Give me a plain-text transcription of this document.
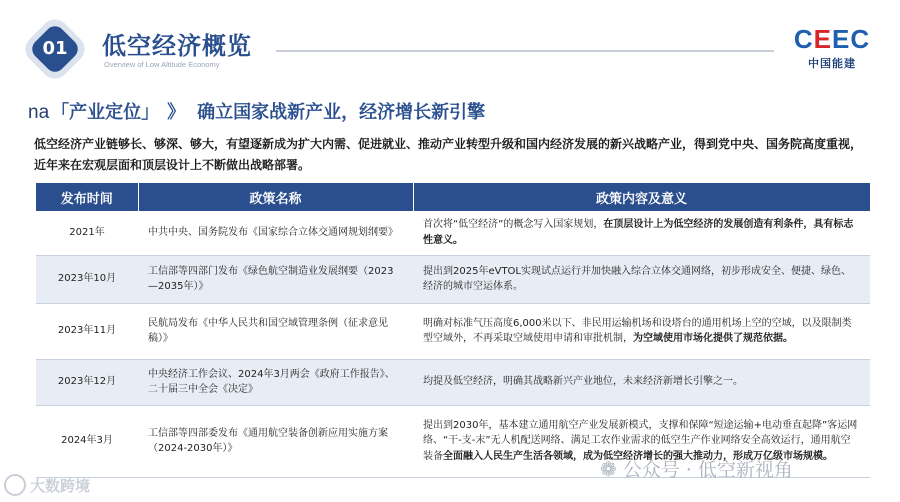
01	低空经济概览
Overview of Low Altitude Economy
CEEC
中国能建
na 「产业定位」 》 确立国家战新产业，经济增长新引擎
低空经济产业链够长、够深、够大，有望逐新成为扩大内需、促进就业、推动产业转型升级和国内经济发展的新兴战略产业，得到党中央、国务院高度重视，近年来在宏观层面和顶层设计上不断做出战略部署。
发布时间	政策名称	政策内容及意义
2021年	中共中央、国务院发布《国家综合立体交通网规划纲要》	首次将“低空经济”的概念写入国家规划，在顶层设计上为低空经济的发展创造有利条件，具有标志性意义。
2023年10月	工信部等四部门发布《绿色航空制造业发展纲要（2023—2035年）》	提出到2025年eVTOL实现试点运行并加快融入综合立体交通网络，初步形成安全、便捷、绿色、经济的城市空运体系。
2023年11月	民航局发布《中华人民共和国空域管理条例（征求意见稿）》	明确对标准气压高度6,000米以下、非民用运输机场和设塔台的通用机场上空的空域，以及限制类型空域外，不再采取空域使用申请和审批机制，为空域使用市场化提供了规范依据。
2023年12月	中央经济工作会议、2024年3月两会《政府工作报告》、二十届三中全会《决定》	均提及低空经济，明确其战略新兴产业地位，未来经济新增长引擎之一。
2024年3月	工信部等四部委发布《通用航空装备创新应用实施方案（2024-2030年）》	提出到2030年，基本建立通用航空产业发展新模式，支撑和保障“短途运输+电动垂直起降”客运网络、“干-支-末”无人机配送网络、满足工农作业需求的低空生产作业网络安全高效运行，通用航空装备全面融入人民生产生活各领域，成为低空经济增长的强大推动力，形成万亿级市场规模。
大数跨境
❁ 公众号 · 低空新视角
